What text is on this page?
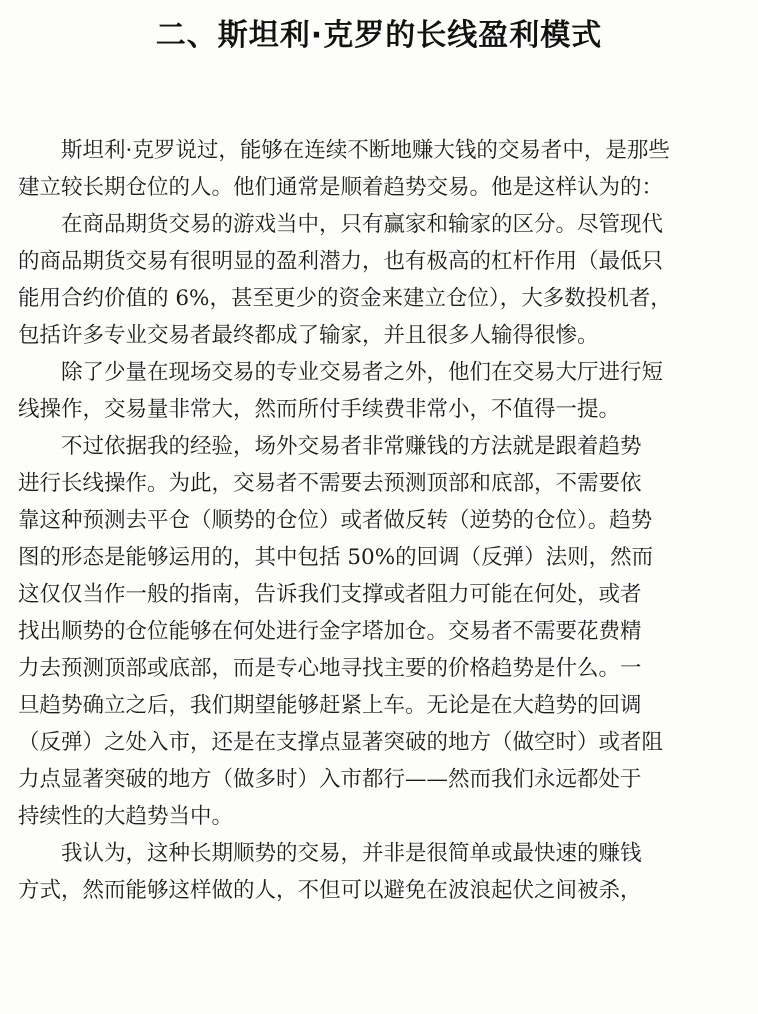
二、斯坦利·克罗的长线盈利模式

斯坦利·克罗说过，能够在连续不断地赚大钱的交易者中，是那些
建立较长期仓位的人。他们通常是顺着趋势交易。他是这样认为的：

在商品期货交易的游戏当中，只有赢家和输家的区分。尽管现代
的商品期货交易有很明显的盈利潜力，也有极高的杠杆作用（最低只
能用合约价值的 6%，甚至更少的资金来建立仓位），大多数投机者，
包括许多专业交易者最终都成了输家，并且很多人输得很惨。

除了少量在现场交易的专业交易者之外，他们在交易大厅进行短
线操作，交易量非常大，然而所付手续费非常小，不值得一提。

不过依据我的经验，场外交易者非常赚钱的方法就是跟着趋势
进行长线操作。为此，交易者不需要去预测顶部和底部，不需要依
靠这种预测去平仓（顺势的仓位）或者做反转（逆势的仓位）。趋势
图的形态是能够运用的，其中包括 50%的回调（反弹）法则，然而
这仅仅当作一般的指南，告诉我们支撑或者阻力可能在何处，或者
找出顺势的仓位能够在何处进行金字塔加仓。交易者不需要花费精
力去预测顶部或底部，而是专心地寻找主要的价格趋势是什么。一
旦趋势确立之后，我们期望能够赶紧上车。无论是在大趋势的回调
（反弹）之处入市，还是在支撑点显著突破的地方（做空时）或者阻
力点显著突破的地方（做多时）入市都行——然而我们永远都处于
持续性的大趋势当中。

我认为，这种长期顺势的交易，并非是很简单或最快速的赚钱
方式，然而能够这样做的人，不但可以避免在波浪起伏之间被杀，
